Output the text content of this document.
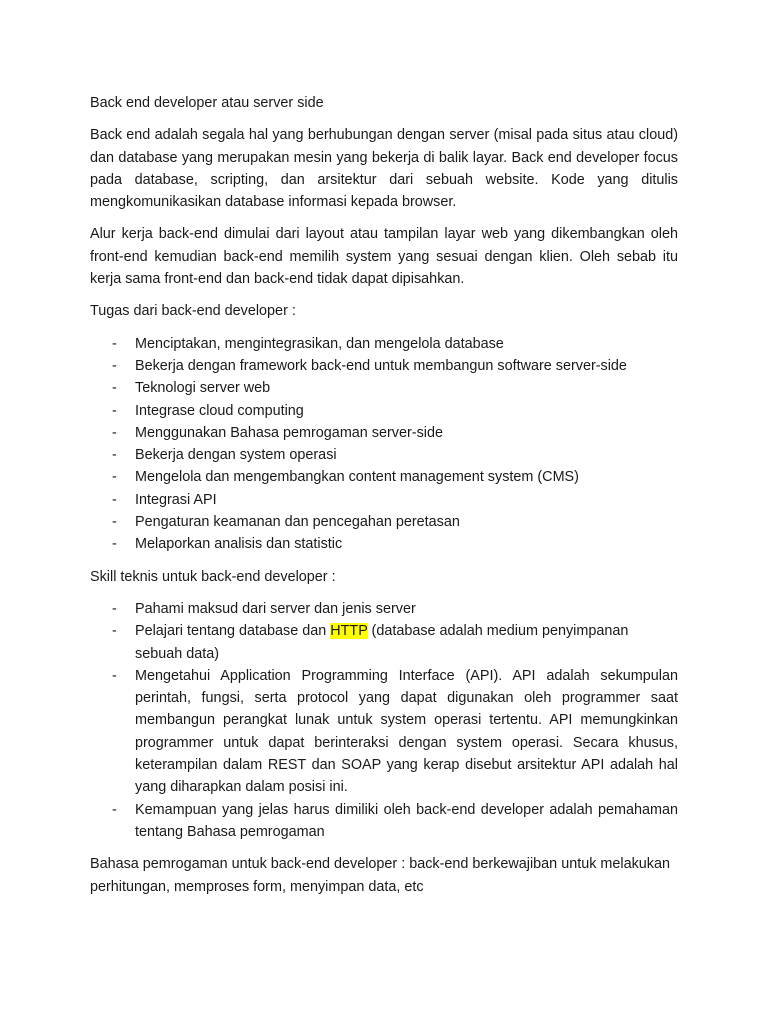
Back end developer atau server side

Back end adalah segala hal yang berhubungan dengan server (misal pada situs atau cloud) dan database yang merupakan mesin yang bekerja di balik layar. Back end developer focus pada database, scripting, dan arsitektur dari sebuah website. Kode yang ditulis mengkomunikasikan database informasi kepada browser.

Alur kerja back-end dimulai dari layout atau tampilan layar web yang dikembangkan oleh front-end kemudian back-end memilih system yang sesuai dengan klien. Oleh sebab itu kerja sama front-end dan back-end tidak dapat dipisahkan.

Tugas dari back-end developer :

- Menciptakan, mengintegrasikan, dan mengelola database
- Bekerja dengan framework back-end untuk membangun software server-side
- Teknologi server web
- Integrase cloud computing
- Menggunakan Bahasa pemrogaman server-side
- Bekerja dengan system operasi
- Mengelola dan mengembangkan content management system (CMS)
- Integrasi API
- Pengaturan keamanan dan pencegahan peretasan
- Melaporkan analisis dan statistic

Skill teknis untuk back-end developer :

- Pahami maksud dari server dan jenis server
- Pelajari tentang database dan HTTP (database adalah medium penyimpanan sebuah data)
- Mengetahui Application Programming Interface (API). API adalah sekumpulan perintah, fungsi, serta protocol yang dapat digunakan oleh programmer saat membangun perangkat lunak untuk system operasi tertentu. API memungkinkan programmer untuk dapat berinteraksi dengan system operasi. Secara khusus, keterampilan dalam REST dan SOAP yang kerap disebut arsitektur API adalah hal yang diharapkan dalam posisi ini.
- Kemampuan yang jelas harus dimiliki oleh back-end developer adalah pemahaman tentang Bahasa pemrogaman

Bahasa pemrogaman untuk back-end developer : back-end berkewajiban untuk melakukan perhitungan, memproses form, menyimpan data, etc
